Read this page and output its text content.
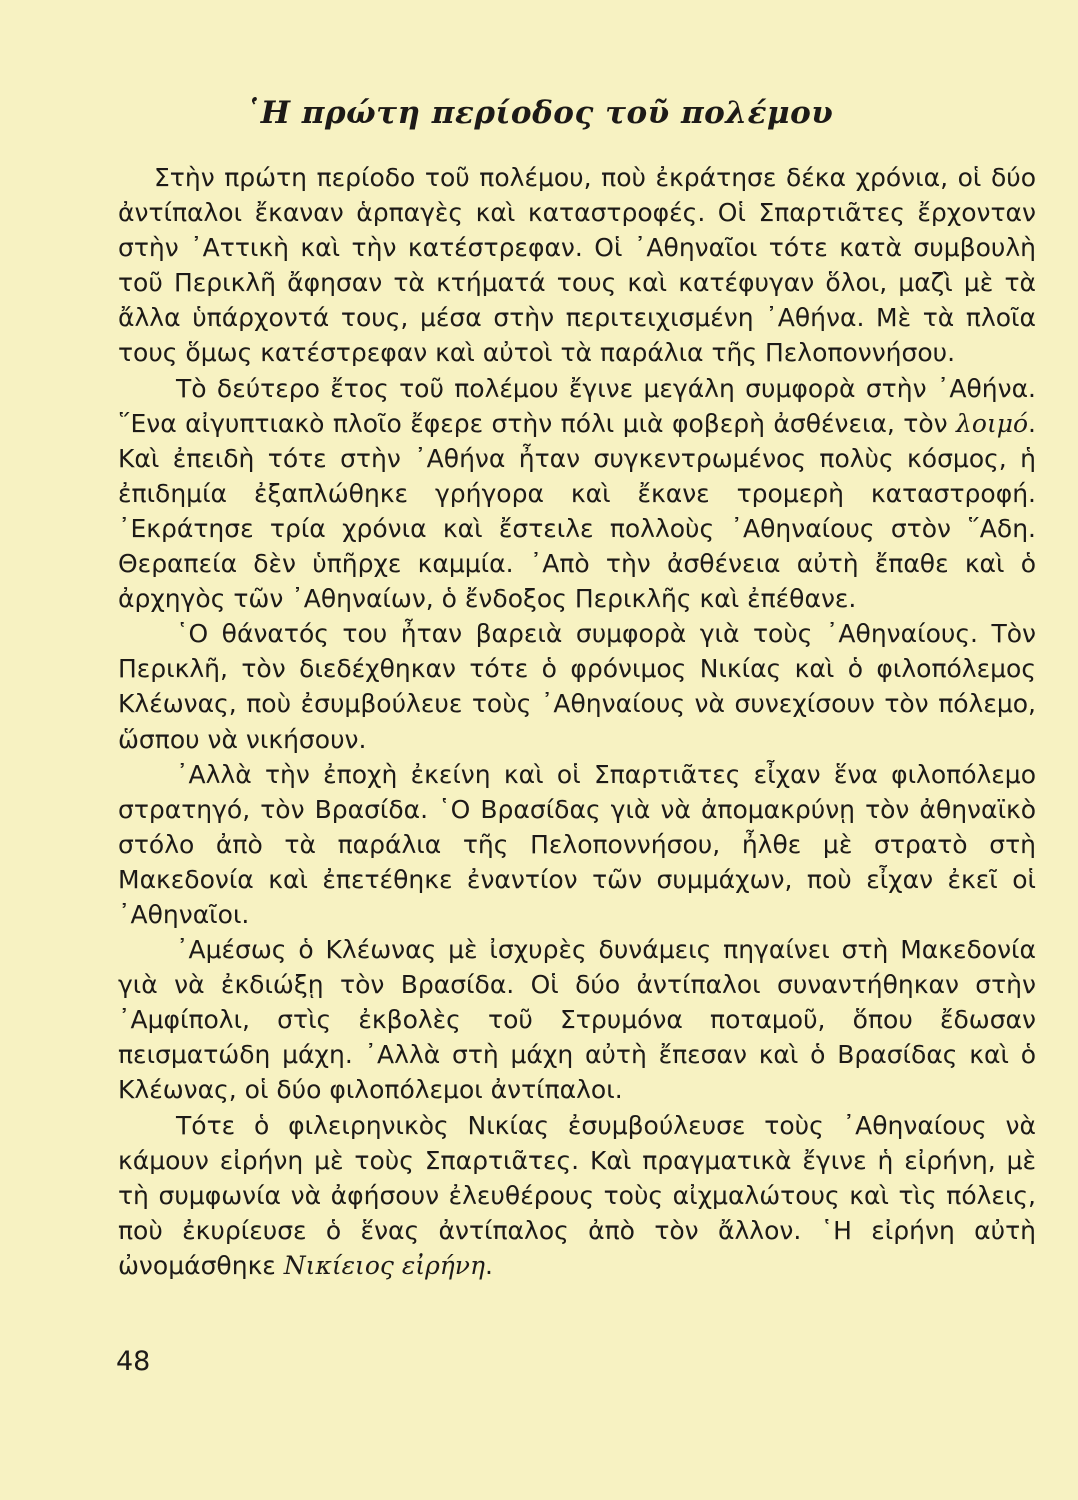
῾Η πρώτη περίοδος τοῦ πολέμου

Στὴν πρώτη περίοδο τοῦ πολέμου, ποὺ ἐκράτησε δέκα χρόνια, οἱ δύο ἀντίπαλοι ἔκαναν ἁρπαγὲς καὶ καταστροφές. Οἱ Σπαρτιᾶτες ἔρχονταν στὴν ᾿Αττικὴ καὶ τὴν κατέστρεφαν. Οἱ ᾿Αθηναῖοι τότε κατὰ συμβουλὴ τοῦ Περικλῆ ἄφησαν τὰ κτήματά τους καὶ κατέφυγαν ὅλοι, μαζὶ μὲ τὰ ἄλλα ὑπάρχοντά τους, μέσα στὴν περιτειχισμένη ᾿Αθήνα. Μὲ τὰ πλοῖα τους ὅμως κατέστρεφαν καὶ αὐτοὶ τὰ παράλια τῆς Πελοποννήσου.

Τὸ δεύτερο ἔτος τοῦ πολέμου ἔγινε μεγάλη συμφορὰ στὴν ᾿Αθήνα. ῞Ενα αἰγυπτιακὸ πλοῖο ἔφερε στὴν πόλι μιὰ φοβερὴ ἀσθένεια, τὸν λοιμό. Καὶ ἐπειδὴ τότε στὴν ᾿Αθήνα ἦταν συγκεντρωμένος πολὺς κόσμος, ἡ ἐπιδημία ἐξαπλώθηκε γρήγορα καὶ ἔκανε τρομερὴ καταστροφή. ᾿Εκράτησε τρία χρόνια καὶ ἔστειλε πολλοὺς ᾿Αθηναίους στὸν ῞Αδη. Θεραπεία δὲν ὑπῆρχε καμμία. ᾿Απὸ τὴν ἀσθένεια αὐτὴ ἔπαθε καὶ ὁ ἀρχηγὸς τῶν ᾿Αθηναίων, ὁ ἔνδοξος Περικλῆς καὶ ἐπέθανε.

῾Ο θάνατός του ἦταν βαρειὰ συμφορὰ γιὰ τοὺς ᾿Αθηναίους. Τὸν Περικλῆ, τὸν διεδέχθηκαν τότε ὁ φρόνιμος Νικίας καὶ ὁ φιλοπόλεμος Κλέωνας, ποὺ ἐσυμβούλευε τοὺς ᾿Αθηναίους νὰ συνεχίσουν τὸν πόλεμο, ὥσπου νὰ νικήσουν.

᾿Αλλὰ τὴν ἐποχὴ ἐκείνη καὶ οἱ Σπαρτιᾶτες εἶχαν ἕνα φιλοπόλεμο στρατηγό, τὸν Βρασίδα. ῾Ο Βρασίδας γιὰ νὰ ἀπομακρύνῃ τὸν ἀθηναϊκὸ στόλο ἀπὸ τὰ παράλια τῆς Πελοποννήσου, ἦλθε μὲ στρατὸ στὴ Μακεδονία καὶ ἐπετέθηκε ἐναντίον τῶν συμμάχων, ποὺ εἶχαν ἐκεῖ οἱ ᾿Αθηναῖοι.

᾿Αμέσως ὁ Κλέωνας μὲ ἰσχυρὲς δυνάμεις πηγαίνει στὴ Μακεδονία γιὰ νὰ ἐκδιώξῃ τὸν Βρασίδα. Οἱ δύο ἀντίπαλοι συναντήθηκαν στὴν ᾿Αμφίπολι, στὶς ἐκβολὲς τοῦ Στρυμόνα ποταμοῦ, ὅπου ἔδωσαν πεισματώδη μάχη. ᾿Αλλὰ στὴ μάχη αὐτὴ ἔπεσαν καὶ ὁ Βρασίδας καὶ ὁ Κλέωνας, οἱ δύο φιλοπόλεμοι ἀντίπαλοι.

Τότε ὁ φιλειρηνικὸς Νικίας ἐσυμβούλευσε τοὺς ᾿Αθηναίους νὰ κάμουν εἰρήνη μὲ τοὺς Σπαρτιᾶτες. Καὶ πραγματικὰ ἔγινε ἡ εἰρήνη, μὲ τὴ συμφωνία νὰ ἀφήσουν ἐλευθέρους τοὺς αἰχμαλώτους καὶ τὶς πόλεις, ποὺ ἐκυρίευσε ὁ ἕνας ἀντίπαλος ἀπὸ τὸν ἄλλον. ῾Η εἰρήνη αὐτὴ ὠνομάσθηκε Νικίειος εἰρήνη.

48
